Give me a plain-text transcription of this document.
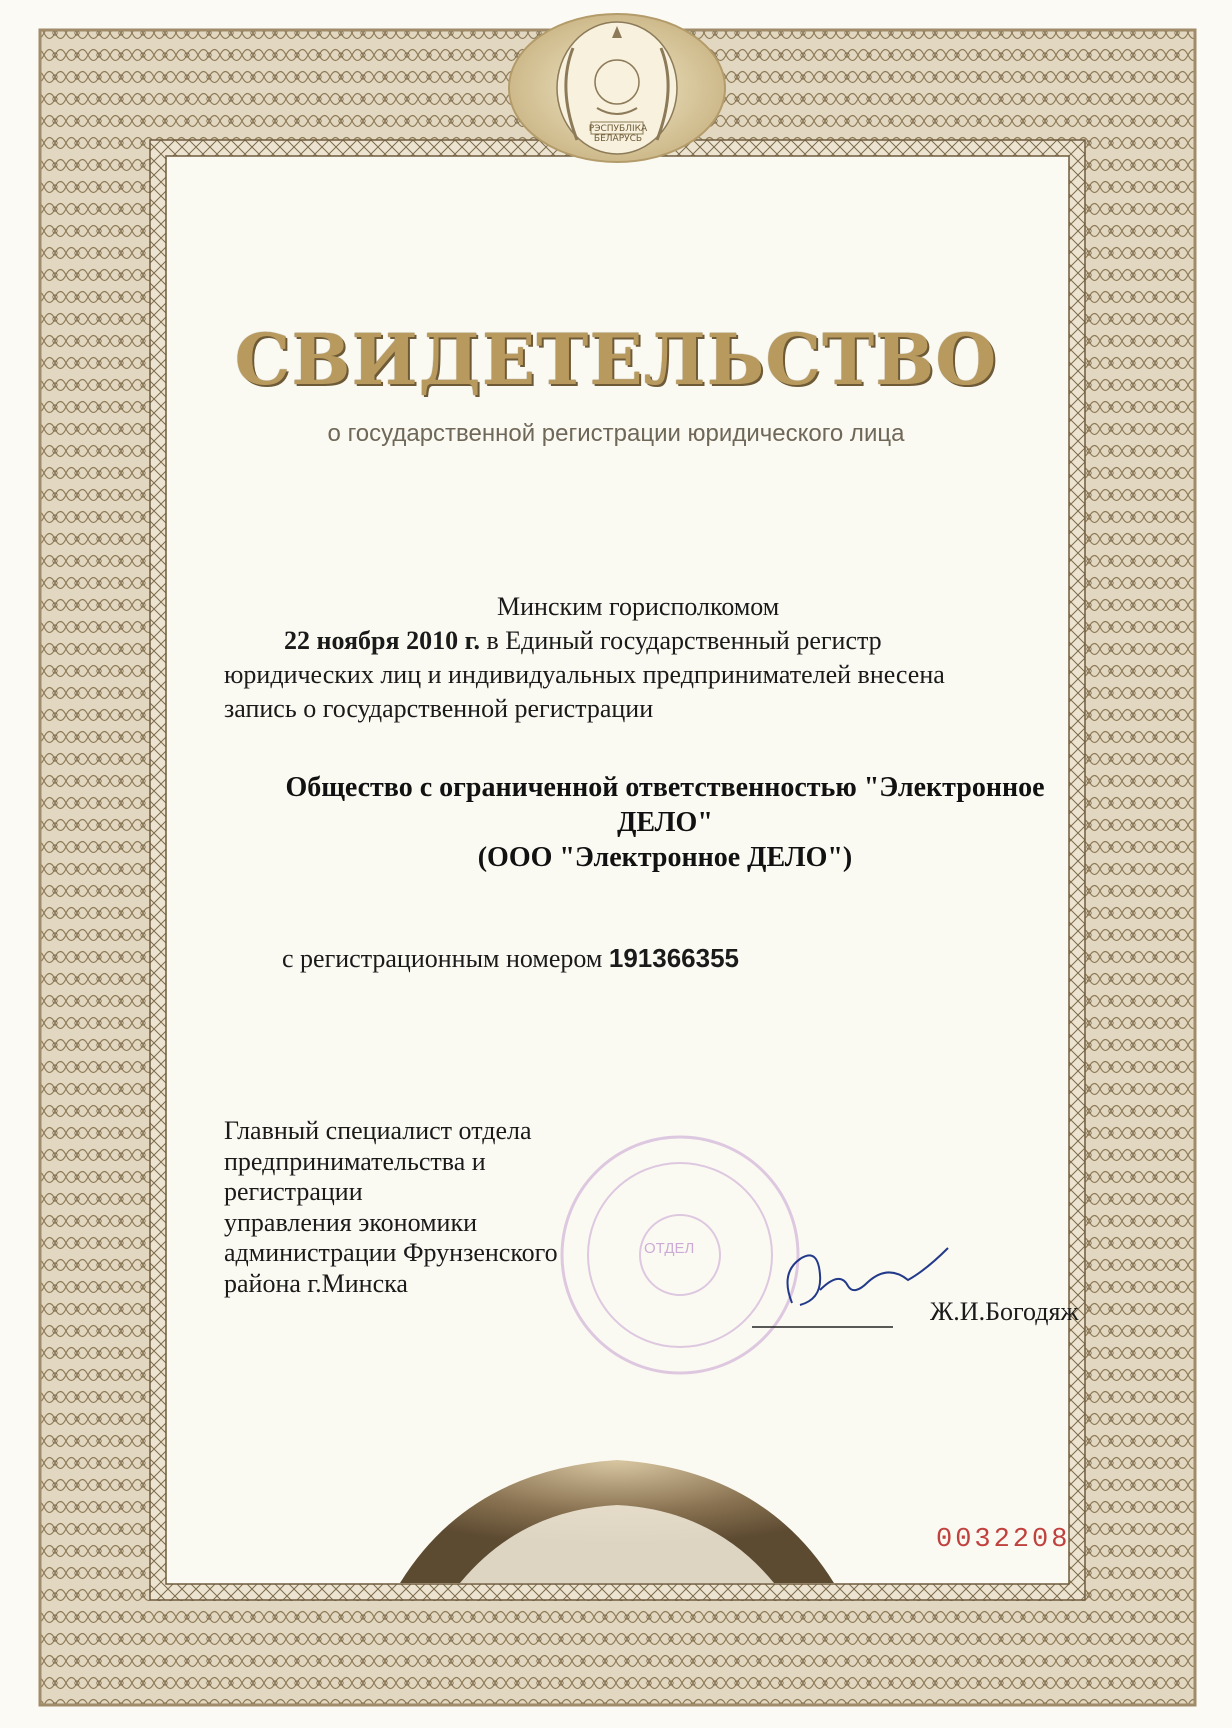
РЭСПУБЛІКА БЕЛАРУСЬ
СВИДЕТЕЛЬСТВО
о государственной регистрации юридического лица
Минским горисполкомом
22 ноября 2010 г. в Единый государственный регистр
юридических лиц и индивидуальных предпринимателей внесена
запись о государственной регистрации
Общество с ограниченной ответственностью "Электронное
ДЕЛО"
(ООО "Электронное ДЕЛО")
с регистрационным номером 191366355
Главный специалист отдела
предпринимательства и
регистрации
управления экономики
администрации Фрунзенского
района г.Минска
ОТДЕЛ
Ж.И.Богодяж
0032208
